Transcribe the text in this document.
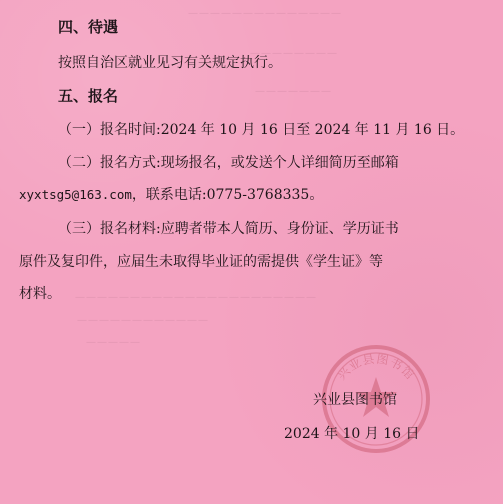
——————————————
————————
———————
——————————————————————
————————————
—————
四、待遇
按照自治区就业见习有关规定执行。
五、报名
（一）报名时间:2024 年 10 月 16 日至 2024 年 11 月 16 日。
（二）报名方式:现场报名，或发送个人详细简历至邮箱
xyxtsg5@163.com，联系电话:0775-3768335。
（三）报名材料:应聘者带本人简历、身份证、学历证书
原件及复印件，应届生未取得毕业证的需提供《学生证》等
材料。
兴业县图书馆
兴业县图书馆
2024 年 10 月 16 日
